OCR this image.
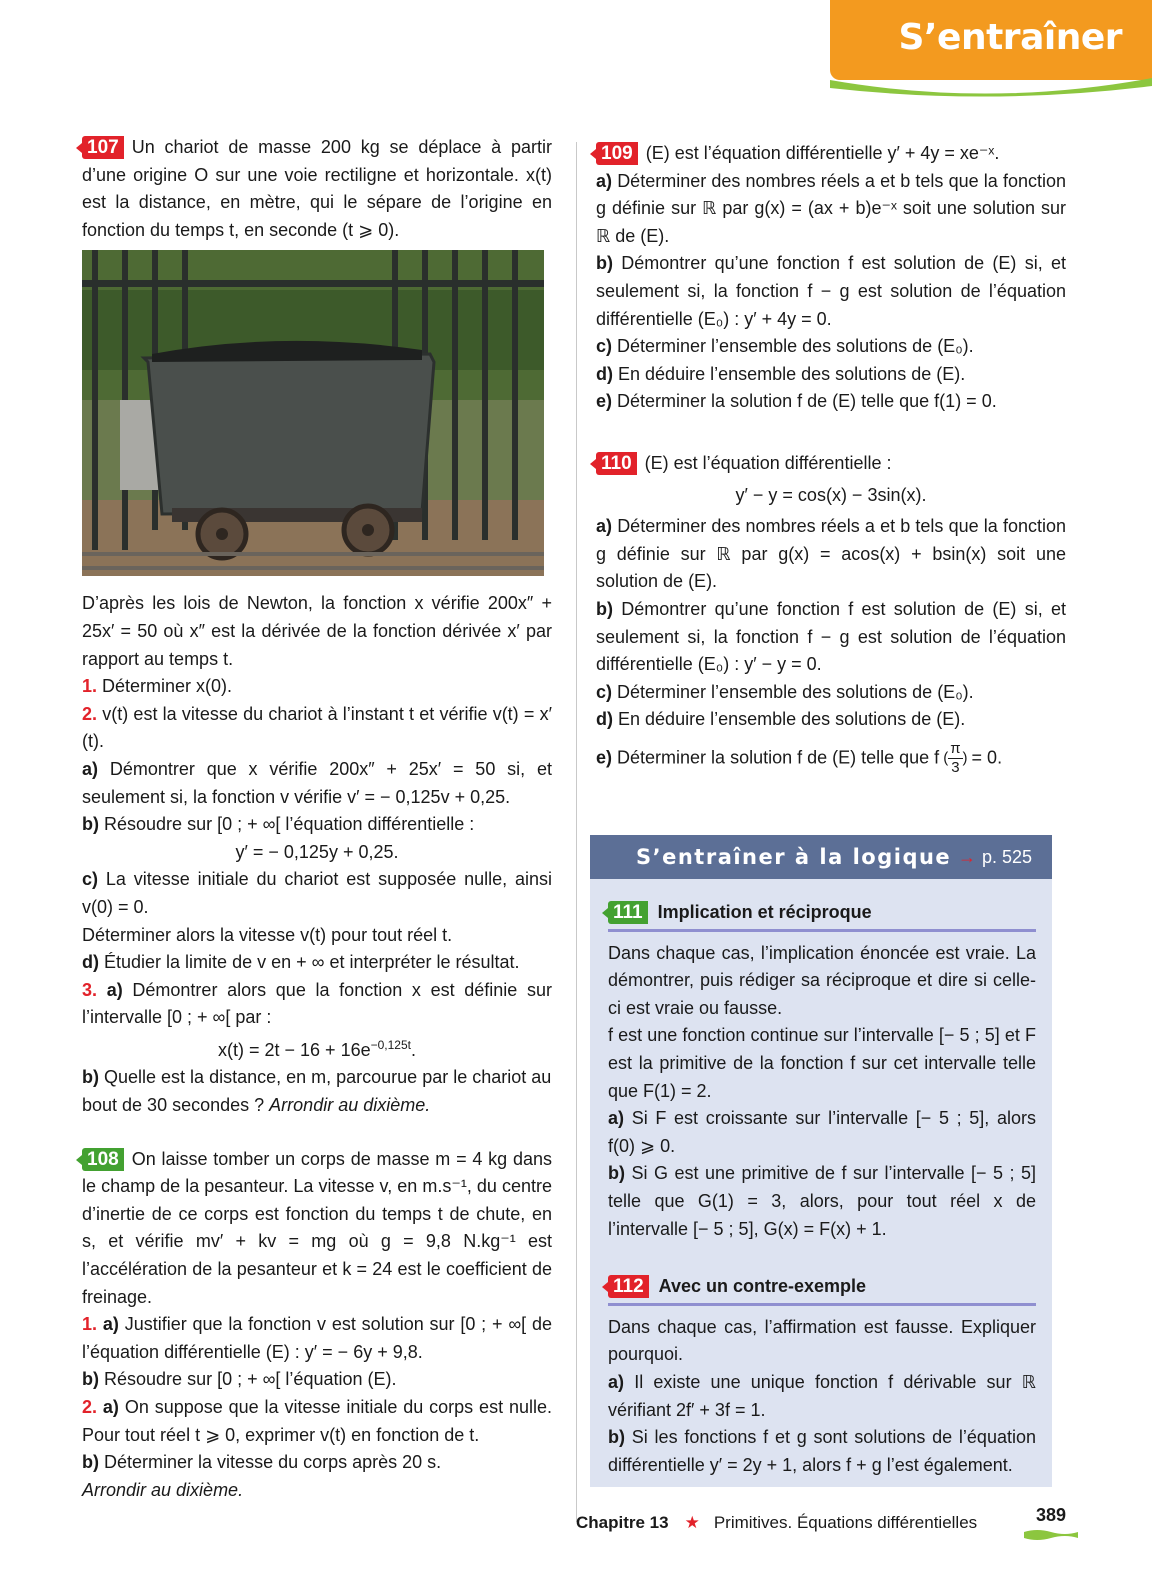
S’entraîner

107 Un chariot de masse 200 kg se déplace à partir d’une origine O sur une voie rectiligne et horizontale. x(t) est la distance, en mètre, qui le sépare de l’origine en fonction du temps t, en seconde (t ⩾ 0).

D’après les lois de Newton, la fonction x vérifie 200x″ + 25x′ = 50 où x″ est la dérivée de la fonction dérivée x′ par rapport au temps t.

1. Déterminer x(0).

2. v(t) est la vitesse du chariot à l’instant t et vérifie v(t) = x′(t).

a) Démontrer que x vérifie 200x″ + 25x′ = 50 si, et seulement si, la fonction v vérifie v′ = − 0,125v + 0,25.

b) Résoudre sur [0 ; + ∞[ l’équation différentielle :

y′ = − 0,125y + 0,25.

c) La vitesse initiale du chariot est supposée nulle, ainsi v(0) = 0.

Déterminer alors la vitesse v(t) pour tout réel t.

d) Étudier la limite de v en + ∞ et interpréter le résultat.

3. a) Démontrer alors que la fonction x est définie sur l’intervalle [0 ; + ∞[ par :

$x(t) = 2t - 16 + 16e^{-0,125t}$.

b) Quelle est la distance, en m, parcourue par le chariot au bout de 30 secondes ? Arrondir au dixième.

108 On laisse tomber un corps de masse m = 4 kg dans le champ de la pesanteur. La vitesse v, en m.s⁻¹, du centre d’inertie de ce corps est fonction du temps t de chute, en s, et vérifie mv′ + kv = mg où g = 9,8 N.kg⁻¹ est l’accélération de la pesanteur et k = 24 est le coefficient de freinage.

1. a) Justifier que la fonction v est solution sur [0 ; + ∞[ de l’équation différentielle (E) : y′ = − 6y + 9,8.

b) Résoudre sur [0 ; + ∞[ l’équation (E).

2. a) On suppose que la vitesse initiale du corps est nulle. Pour tout réel t ⩾ 0, exprimer v(t) en fonction de t.

b) Déterminer la vitesse du corps après 20 s.

Arrondir au dixième.

109 (E) est l’équation différentielle y′ + 4y = xe⁻ˣ.

a) Déterminer des nombres réels a et b tels que la fonction g définie sur ℝ par g(x) = (ax + b)e⁻ˣ soit une solution sur ℝ de (E).

b) Démontrer qu’une fonction f est solution de (E) si, et seulement si, la fonction f − g est solution de l’équation différentielle (E₀) : y′ + 4y = 0.

c) Déterminer l’ensemble des solutions de (E₀).

d) En déduire l’ensemble des solutions de (E).

e) Déterminer la solution f de (E) telle que f(1) = 0.

110 (E) est l’équation différentielle :

y′ − y = cos(x) − 3sin(x).

a) Déterminer des nombres réels a et b tels que la fonction g définie sur ℝ par g(x) = acos(x) + bsin(x) soit une solution de (E).

b) Démontrer qu’une fonction f est solution de (E) si, et seulement si, la fonction f − g est solution de l’équation différentielle (E₀) : y′ − y = 0.

c) Déterminer l’ensemble des solutions de (E₀).

d) En déduire l’ensemble des solutions de (E).

e) Déterminer la solution f de (E) telle que f ( $\frac{\pi}{3}$ ) = 0.

S’entraîner à la logique → p. 525
111 Implication et réciproque

Dans chaque cas, l’implication énoncée est vraie. La démontrer, puis rédiger sa réciproque et dire si celle-ci est vraie ou fausse.

f est une fonction continue sur l’intervalle [− 5 ; 5] et F est la primitive de la fonction f sur cet intervalle telle que F(1) = 2.

a) Si F est croissante sur l’intervalle [− 5 ; 5], alors f(0) ⩾ 0.

b) Si G est une primitive de f sur l’intervalle [− 5 ; 5] telle que G(1) = 3, alors, pour tout réel x de l’intervalle [− 5 ; 5], G(x) = F(x) + 1.

112 Avec un contre-exemple

Dans chaque cas, l’affirmation est fausse. Expliquer pourquoi.

a) Il existe une unique fonction f dérivable sur ℝ vérifiant 2f′ + 3f = 1.

b) Si les fonctions f et g sont solutions de l’équation différentielle y′ = 2y + 1, alors f + g l’est également.

Chapitre 13 ★ Primitives. Équations différentielles	389
